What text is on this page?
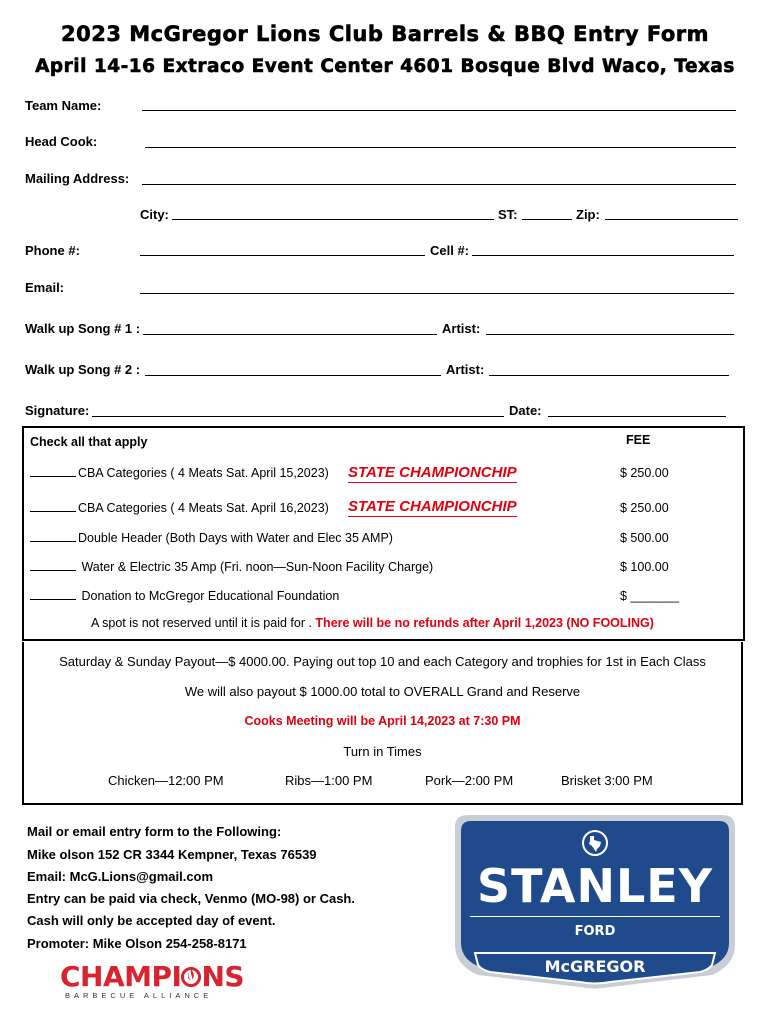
2023 McGregor Lions Club Barrels & BBQ Entry Form
April 14-16 Extraco Event Center 4601 Bosque Blvd Waco, Texas
Team Name:
Head Cook:
Mailing Address:
City:	ST:	Zip:
Phone #:	Cell #:
Email:
Walk up Song # 1 :	Artist:
Walk up Song # 2 :	Artist:
Signature:	Date:
Check all that apply	FEE
CBA Categories ( 4 Meats Sat. April 15,2023) STATE CHAMPIONCHIP	$ 250.00
CBA Categories ( 4 Meats Sat. April 16,2023) STATE CHAMPIONCHIP	$ 250.00
Double Header (Both Days with Water and Elec 35 AMP)	$ 500.00
Water & Electric 35 Amp (Fri. noon—Sun-Noon Facility Charge)	$ 100.00
Donation to McGregor Educational Foundation	$ _______
A spot is not reserved until it is paid for . There will be no refunds after April 1,2023 (NO FOOLING)
Saturday & Sunday Payout—$ 4000.00. Paying out top 10 and each Category and trophies for 1st in Each Class
We will also payout $ 1000.00 total to OVERALL Grand and Reserve
Cooks Meeting will be April 14,2023 at 7:30 PM
Turn in Times
Chicken—12:00 PM	Ribs—1:00 PM	Pork—2:00 PM	Brisket 3:00 PM
Mail or email entry form to the Following:
Mike olson 152 CR 3344 Kempner, Texas 76539
Email: McG.Lions@gmail.com
Entry can be paid via check, Venmo (MO-98) or Cash.
Cash will only be accepted day of event.
Promoter: Mike Olson 254-258-8171
CHAMPI NS
BARBECUE ALLIANCE
STANLEY
FORD
McGREGOR
